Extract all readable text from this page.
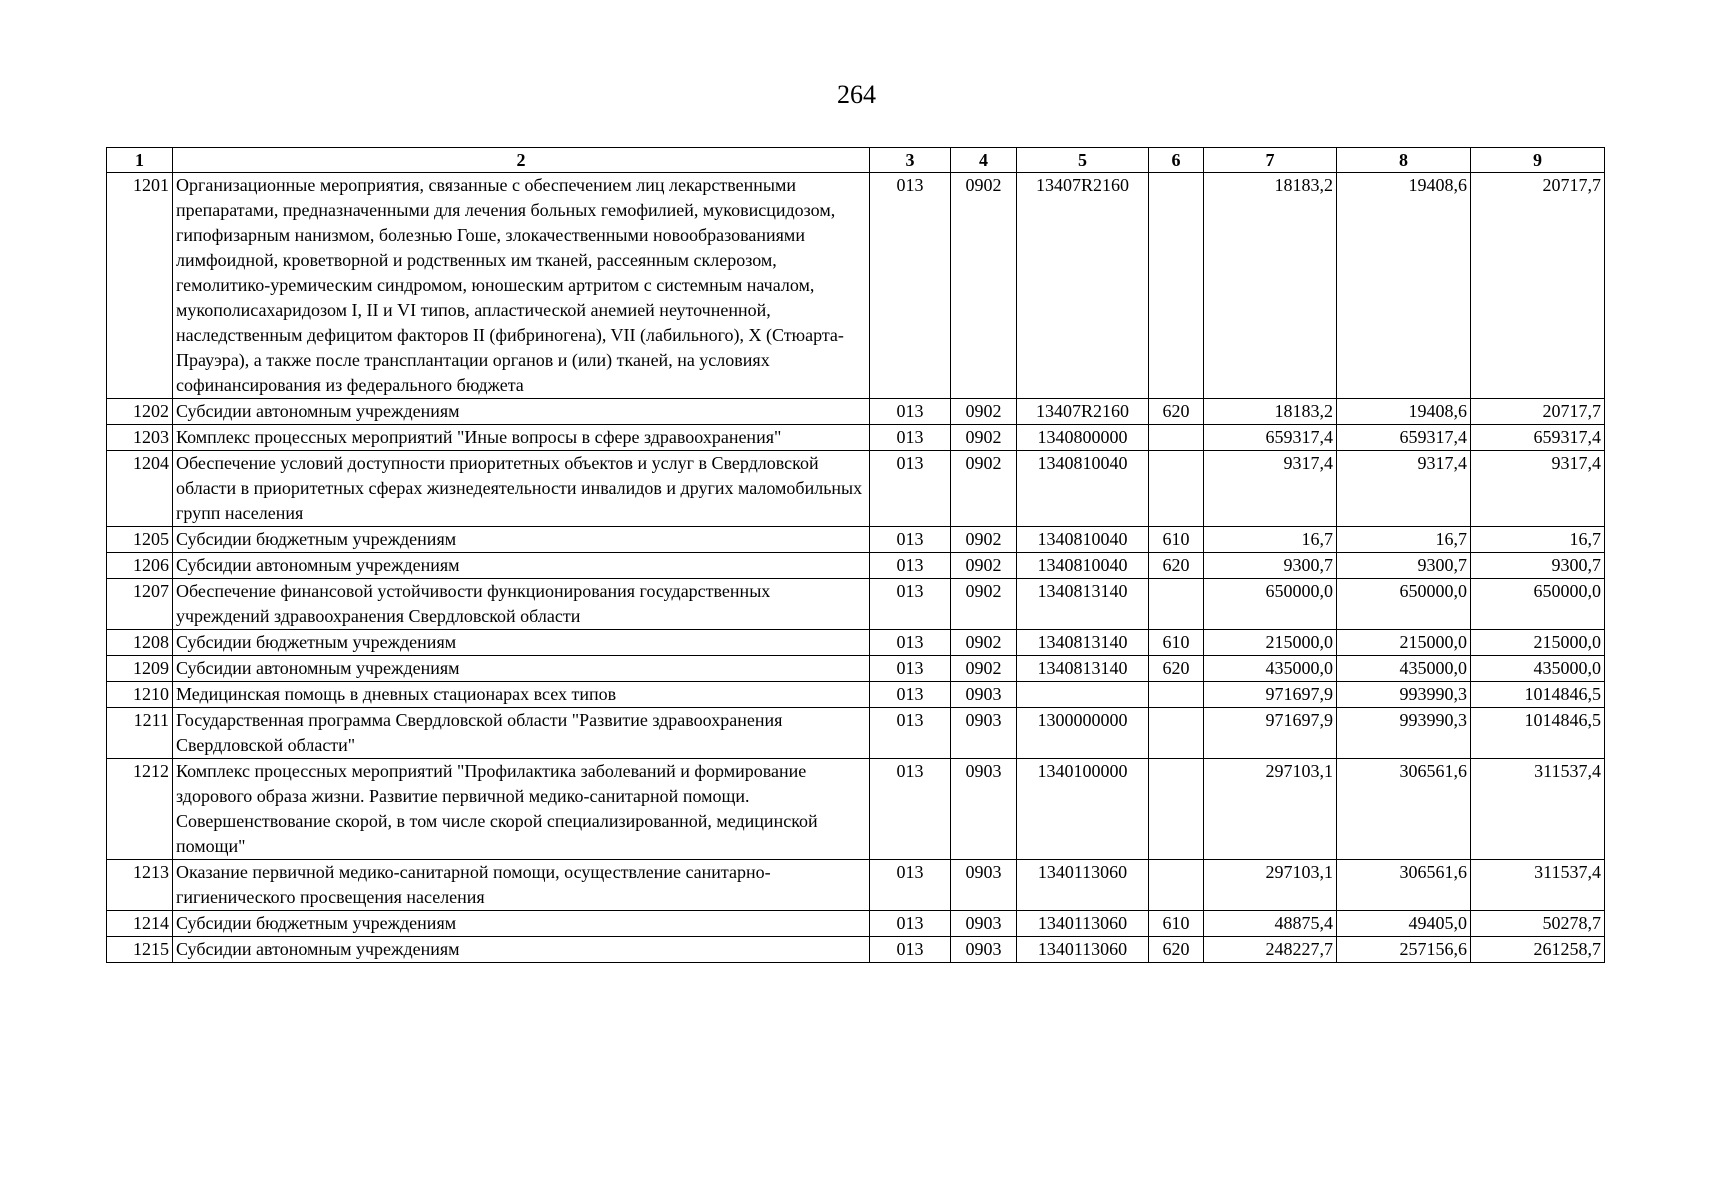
264
1	2	3	4	5	6	7	8	9
1201	Организационные мероприятия, связанные с обеспечением лиц лекарственными препаратами, предназначенными для лечения больных гемофилией, муковисцидозом, гипофизарным нанизмом, болезнью Гоше, злокачественными новообразованиями лимфоидной, кроветворной и родственных им тканей, рассеянным склерозом, гемолитико-уремическим синдромом, юношеским артритом с системным началом, мукополисахаридозом I, II и VI типов, апластической анемией неуточненной, наследственным дефицитом факторов II (фибриногена), VII (лабильного), X (Стюарта-Прауэра), а также после трансплантации органов и (или) тканей, на условиях софинансирования из федерального бюджета	013	0902	13407R2160		18183,2	19408,6	20717,7
1202	Субсидии автономным учреждениям	013	0902	13407R2160	620	18183,2	19408,6	20717,7
1203	Комплекс процессных мероприятий "Иные вопросы в сфере здравоохранения"	013	0902	1340800000		659317,4	659317,4	659317,4
1204	Обеспечение условий доступности приоритетных объектов и услуг в Свердловской области в приоритетных сферах жизнедеятельности инвалидов и других маломобильных групп населения	013	0902	1340810040		9317,4	9317,4	9317,4
1205	Субсидии бюджетным учреждениям	013	0902	1340810040	610	16,7	16,7	16,7
1206	Субсидии автономным учреждениям	013	0902	1340810040	620	9300,7	9300,7	9300,7
1207	Обеспечение финансовой устойчивости функционирования государственных учреждений здравоохранения Свердловской области	013	0902	1340813140		650000,0	650000,0	650000,0
1208	Субсидии бюджетным учреждениям	013	0902	1340813140	610	215000,0	215000,0	215000,0
1209	Субсидии автономным учреждениям	013	0902	1340813140	620	435000,0	435000,0	435000,0
1210	Медицинская помощь в дневных стационарах всех типов	013	0903			971697,9	993990,3	1014846,5
1211	Государственная программа Свердловской области "Развитие здравоохранения Свердловской области"	013	0903	1300000000		971697,9	993990,3	1014846,5
1212	Комплекс процессных мероприятий "Профилактика заболеваний и формирование здорового образа жизни. Развитие первичной медико-санитарной помощи. Совершенствование скорой, в том числе скорой специализированной, медицинской помощи"	013	0903	1340100000		297103,1	306561,6	311537,4
1213	Оказание первичной медико-санитарной помощи, осуществление санитарно-гигиенического просвещения населения	013	0903	1340113060		297103,1	306561,6	311537,4
1214	Субсидии бюджетным учреждениям	013	0903	1340113060	610	48875,4	49405,0	50278,7
1215	Субсидии автономным учреждениям	013	0903	1340113060	620	248227,7	257156,6	261258,7
